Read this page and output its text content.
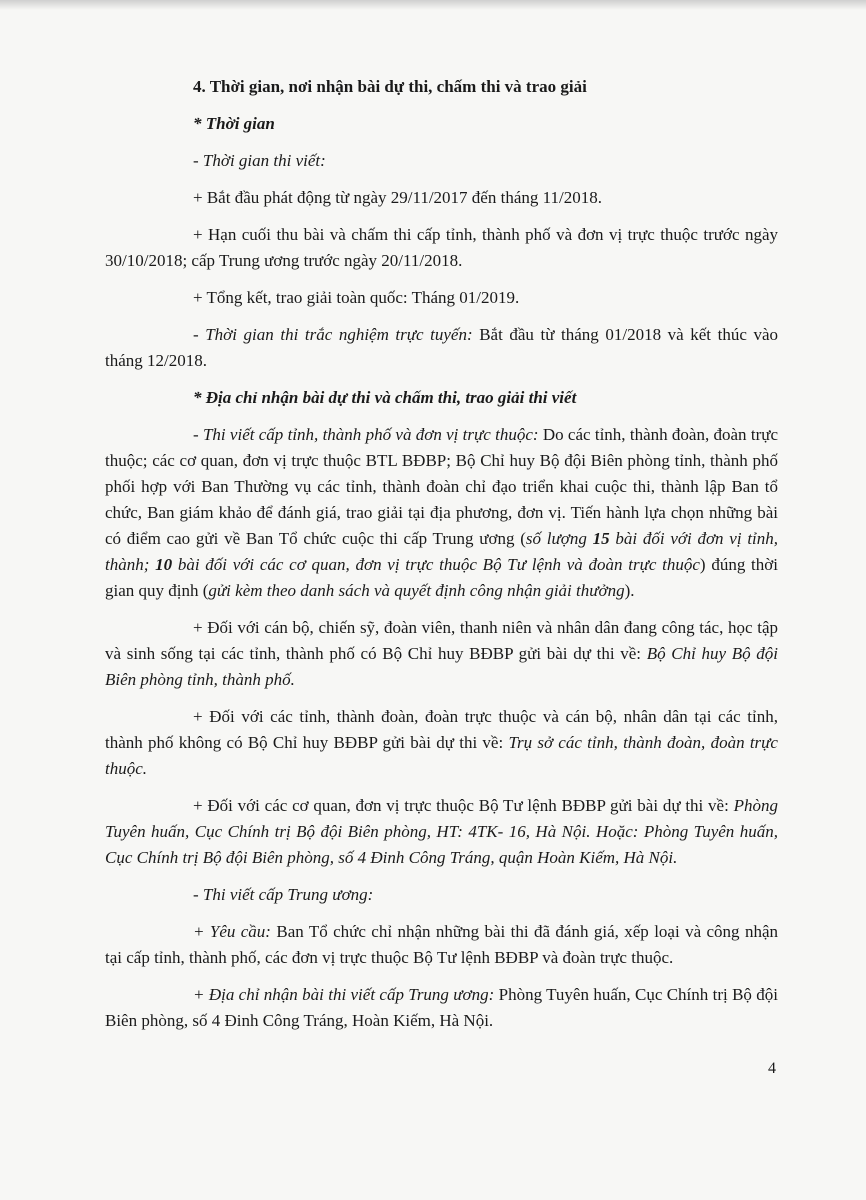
4. Thời gian, nơi nhận bài dự thi, chấm thi và trao giải

* Thời gian

- Thời gian thi viết:

+ Bắt đầu phát động từ ngày 29/11/2017 đến tháng 11/2018.

+ Hạn cuối thu bài và chấm thi cấp tỉnh, thành phố và đơn vị trực thuộc trước ngày 30/10/2018; cấp Trung ương trước ngày 20/11/2018.

+ Tổng kết, trao giải toàn quốc: Tháng 01/2019.

- Thời gian thi trắc nghiệm trực tuyến: Bắt đầu từ tháng 01/2018 và kết thúc vào tháng 12/2018.

* Địa chỉ nhận bài dự thi và chấm thi, trao giải thi viết

- Thi viết cấp tỉnh, thành phố và đơn vị trực thuộc: Do các tỉnh, thành đoàn, đoàn trực thuộc; các cơ quan, đơn vị trực thuộc BTL BĐBP; Bộ Chỉ huy Bộ đội Biên phòng tỉnh, thành phố phối hợp với Ban Thường vụ các tỉnh, thành đoàn chỉ đạo triển khai cuộc thi, thành lập Ban tổ chức, Ban giám khảo để đánh giá, trao giải tại địa phương, đơn vị. Tiến hành lựa chọn những bài có điểm cao gửi về Ban Tổ chức cuộc thi cấp Trung ương (số lượng 15 bài đối với đơn vị tỉnh, thành; 10 bài đối với các cơ quan, đơn vị trực thuộc Bộ Tư lệnh và đoàn trực thuộc) đúng thời gian quy định (gửi kèm theo danh sách và quyết định công nhận giải thưởng).

+ Đối với cán bộ, chiến sỹ, đoàn viên, thanh niên và nhân dân đang công tác, học tập và sinh sống tại các tỉnh, thành phố có Bộ Chỉ huy BĐBP gửi bài dự thi về: Bộ Chỉ huy Bộ đội Biên phòng tỉnh, thành phố.

+ Đối với các tỉnh, thành đoàn, đoàn trực thuộc và cán bộ, nhân dân tại các tỉnh, thành phố không có Bộ Chỉ huy BĐBP gửi bài dự thi về: Trụ sở các tỉnh, thành đoàn, đoàn trực thuộc.

+ Đối với các cơ quan, đơn vị trực thuộc Bộ Tư lệnh BĐBP gửi bài dự thi về: Phòng Tuyên huấn, Cục Chính trị Bộ đội Biên phòng, HT: 4TK- 16, Hà Nội. Hoặc: Phòng Tuyên huấn, Cục Chính trị Bộ đội Biên phòng, số 4 Đinh Công Tráng, quận Hoàn Kiếm, Hà Nội.

- Thi viết cấp Trung ương:

+ Yêu cầu: Ban Tổ chức chỉ nhận những bài thi đã đánh giá, xếp loại và công nhận tại cấp tỉnh, thành phố, các đơn vị trực thuộc Bộ Tư lệnh BĐBP và đoàn trực thuộc.

+ Địa chỉ nhận bài thi viết cấp Trung ương: Phòng Tuyên huấn, Cục Chính trị Bộ đội Biên phòng, số 4 Đinh Công Tráng, Hoàn Kiếm, Hà Nội.

4
